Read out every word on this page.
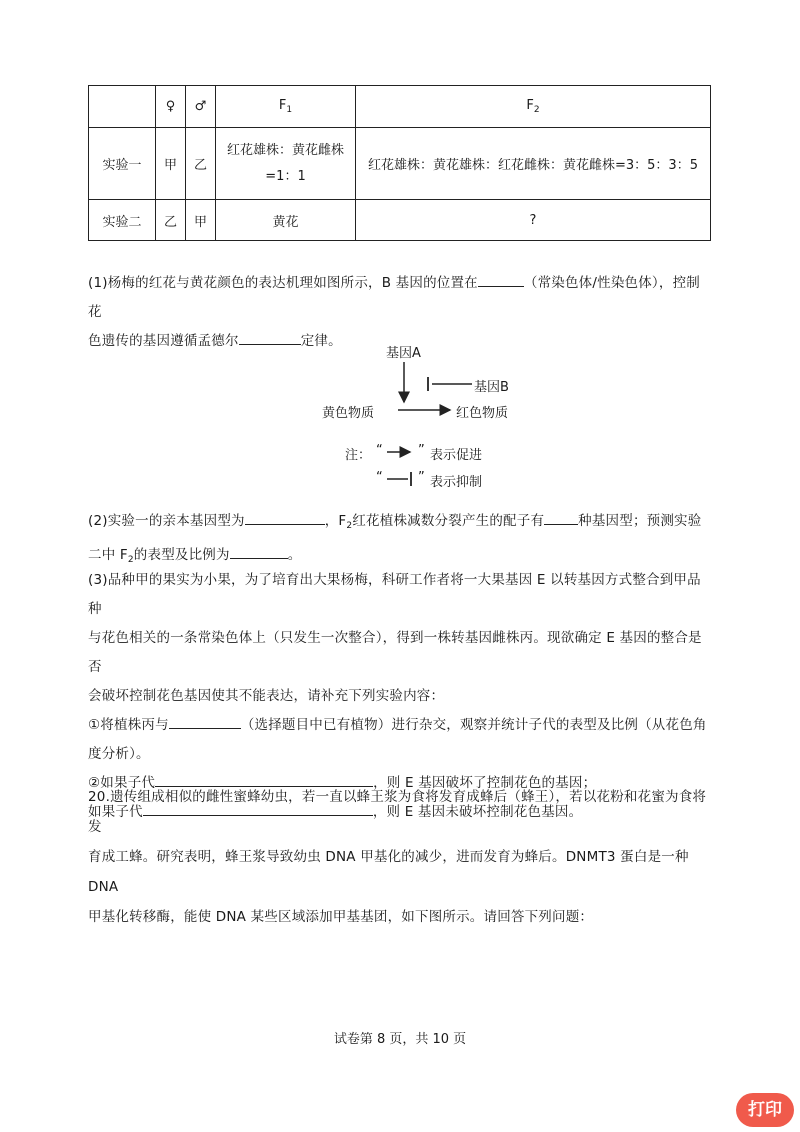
	♀	♂	$F_1$	$F_2$
实验一	甲	乙	红花雄株：黄花雌株
=1：1	红花雄株：黄花雄株：红花雌株：黄花雌株=3：5：3：5
实验二	乙	甲	黄花	?
(1)杨梅的红花与黄花颜色的表达机理如图所示，B 基因的位置在	（常染色体/性染色体），控制花
色遗传的基因遵循孟德尔	定律。
基因A
基因B
黄色物质	红色物质
注： “	” 表示促进
“	” 表示抑制
(2)实验一的亲本基因型为	，$F_2$红花植株减数分裂产生的配子有	种基因型；预测实验
二中 $F_2$的表型及比例为	。
(3)品种甲的果实为小果，为了培育出大果杨梅，科研工作者将一大果基因 E 以转基因方式整合到甲品种
与花色相关的一条常染色体上（只发生一次整合），得到一株转基因雌株丙。现欲确定 E 基因的整合是否
会破坏控制花色基因使其不能表达，请补充下列实验内容：
①将植株丙与	（选择题目中已有植物）进行杂交，观察并统计子代的表型及比例（从花色角
度分析）。
②如果子代	，则 E 基因破坏了控制花色的基因；
如果子代	，则 E 基因未破坏控制花色基因。
20.遗传组成相似的雌性蜜蜂幼虫，若一直以蜂王浆为食将发育成蜂后（蜂王），若以花粉和花蜜为食将发
育成工蜂。研究表明，蜂王浆导致幼虫 DNA 甲基化的减少，进而发育为蜂后。DNMT3 蛋白是一种 DNA
甲基化转移酶，能使 DNA 某些区域添加甲基基团，如下图所示。请回答下列问题：
试卷第 8 页，共 10 页
打印
